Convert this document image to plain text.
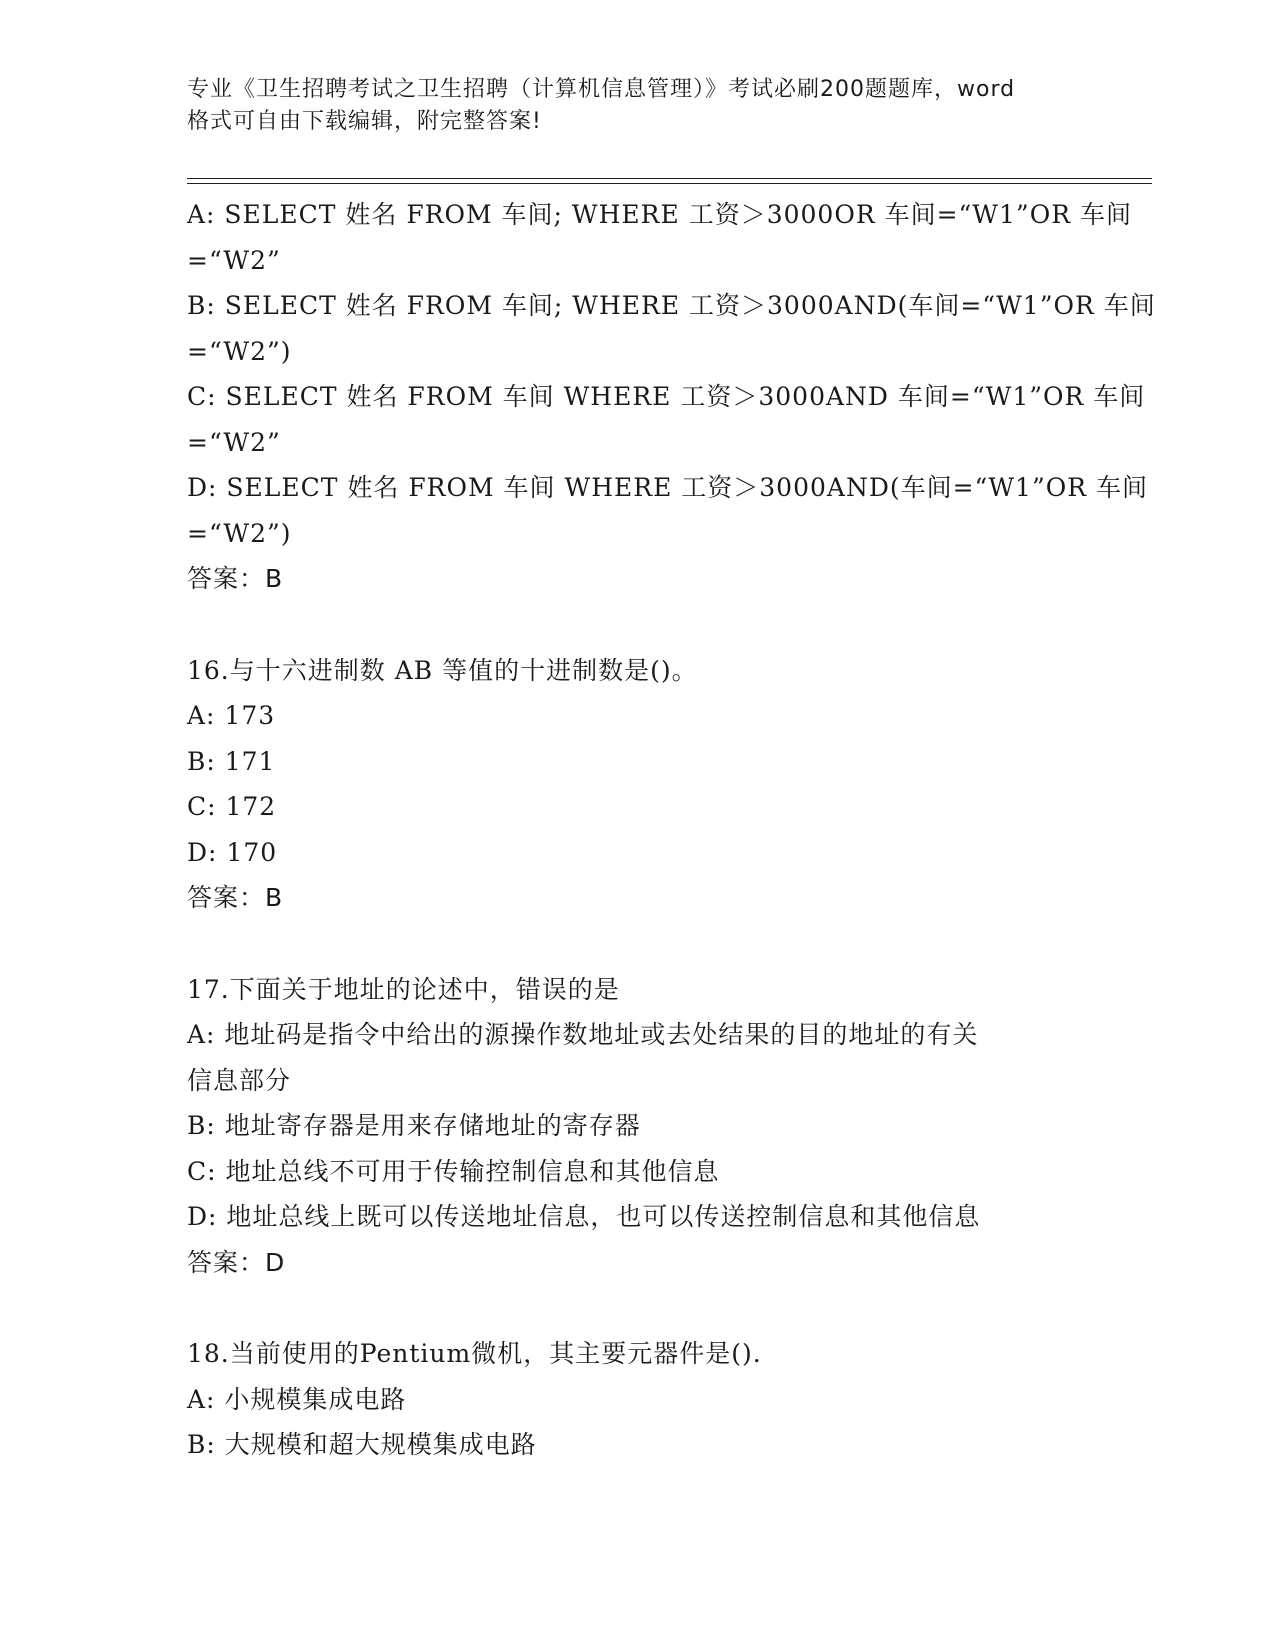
专业《卫生招聘考试之卫生招聘（计算机信息管理）》考试必刷200题题库，word
格式可自由下载编辑，附完整答案!
A: SELECT 姓名 FROM 车间; WHERE 工资＞3000OR 车间=“W1”OR 车间
=“W2”
B: SELECT 姓名 FROM 车间; WHERE 工资＞3000AND(车间=“W1”OR 车间
=“W2”)
C: SELECT 姓名 FROM 车间 WHERE 工资＞3000AND 车间=“W1”OR 车间
=“W2”
D: SELECT 姓名 FROM 车间 WHERE 工资＞3000AND(车间=“W1”OR 车间
=“W2”)
答案：B
16.与十六进制数 AB 等值的十进制数是()。
A: 173
B: 171
C: 172
D: 170
答案：B
17.下面关于地址的论述中，错误的是
A: 地址码是指令中给出的源操作数地址或去处结果的目的地址的有关
信息部分
B: 地址寄存器是用来存储地址的寄存器
C: 地址总线不可用于传输控制信息和其他信息
D: 地址总线上既可以传送地址信息，也可以传送控制信息和其他信息
答案：D
18.当前使用的Pentium微机，其主要元器件是().
A: 小规模集成电路
B: 大规模和超大规模集成电路
